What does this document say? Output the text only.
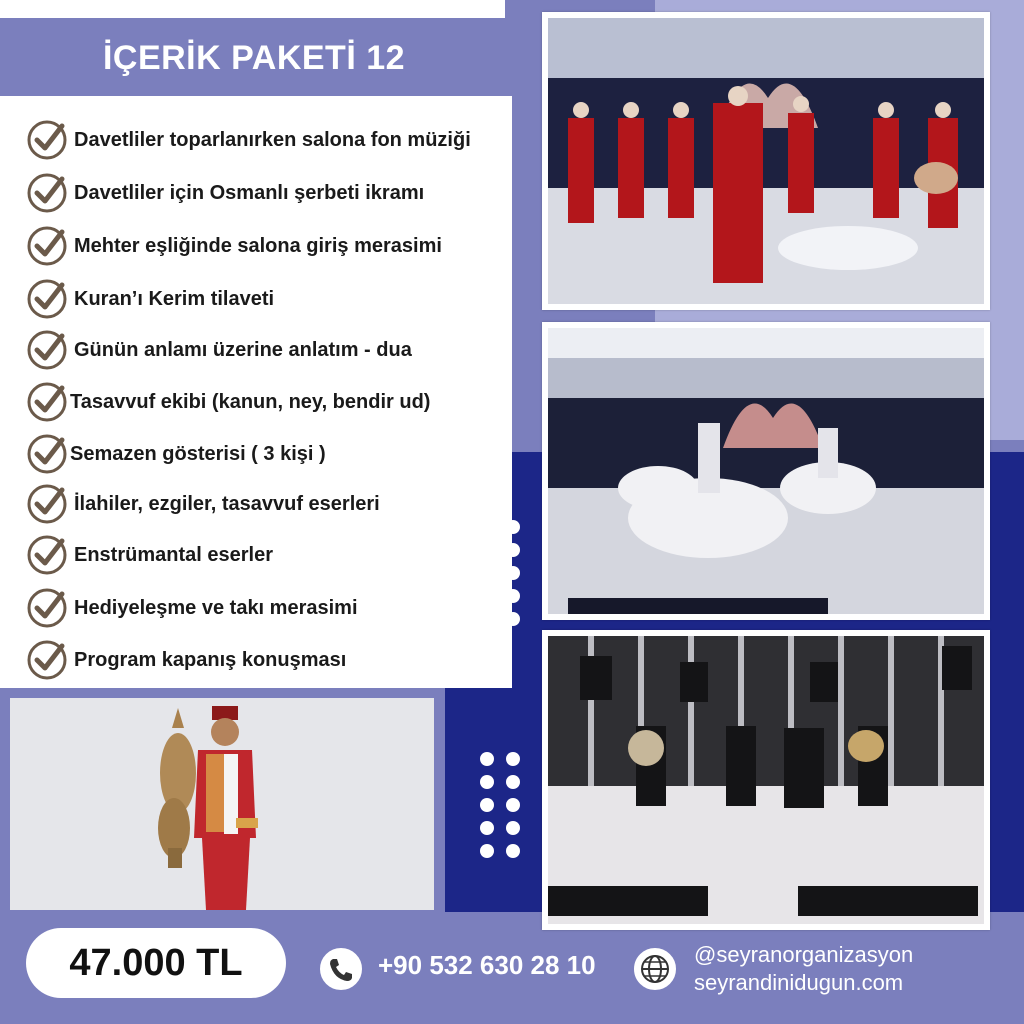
İÇERİK PAKETİ 12
Davetliler toparlanırken salona fon müziği
Davetliler için Osmanlı şerbeti ikramı
Mehter eşliğinde salona giriş merasimi
Kuran’ı Kerim tilaveti
Günün anlamı üzerine anlatım - dua
Tasavvuf ekibi (kanun, ney, bendir ud)
Semazen gösterisi ( 3 kişi )
İlahiler, ezgiler, tasavvuf eserleri
Enstrümantal eserler
Hediyeleşme ve takı merasimi
Program kapanış konuşması
47.000 TL	+90 532 630 28 10	@seyranorganizasyon
seyrandinidugun.com
